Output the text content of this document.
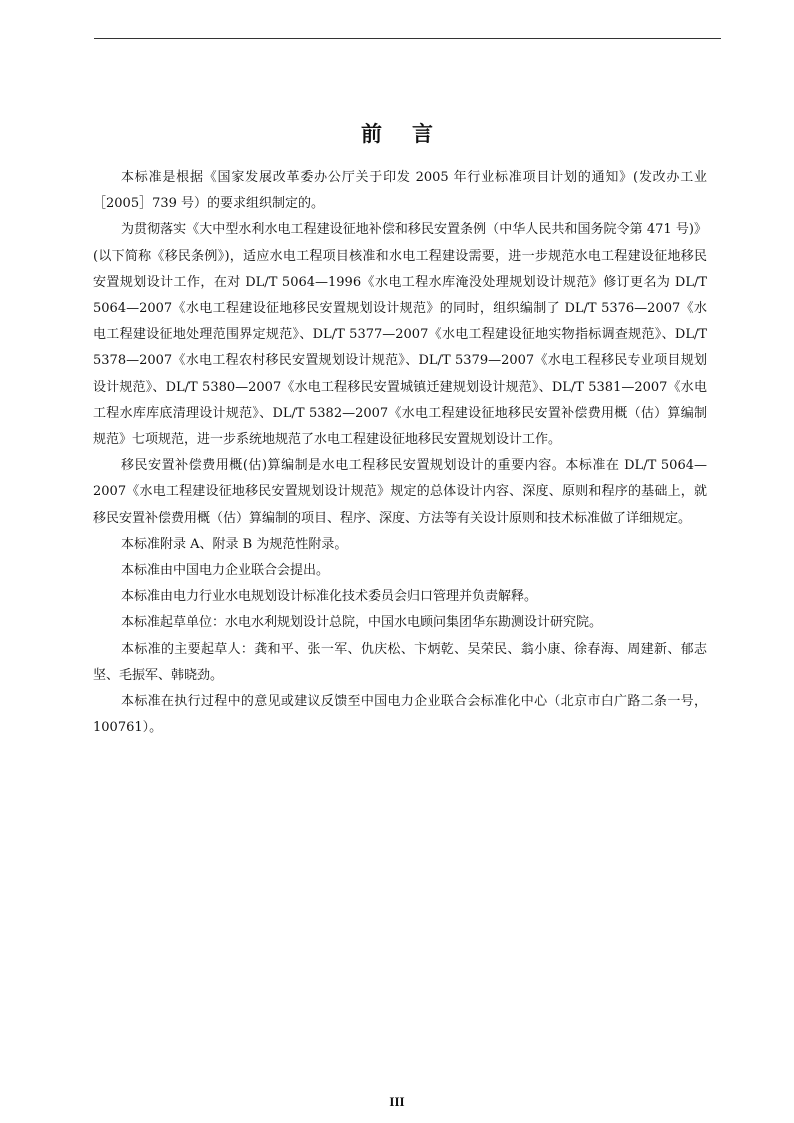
前言

本标准是根据《国家发展改革委办公厅关于印发 2005 年行业标准项目计划的通知》(发改办工业［2005］739 号）的要求组织制定的。

为贯彻落实《大中型水利水电工程建设征地补偿和移民安置条例（中华人民共和国务院令第 471 号)》(以下简称《移民条例》)，适应水电工程项目核准和水电工程建设需要，进一步规范水电工程建设征地移民安置规划设计工作，在对 DL/T 5064—1996《水电工程水库淹没处理规划设计规范》修订更名为 DL/T 5064—2007《水电工程建设征地移民安置规划设计规范》的同时，组织编制了 DL/T 5376—2007《水电工程建设征地处理范围界定规范》、DL/T 5377—2007《水电工程建设征地实物指标调查规范》、DL/T 5378—2007《水电工程农村移民安置规划设计规范》、DL/T 5379—2007《水电工程移民专业项目规划设计规范》、DL/T 5380—2007《水电工程移民安置城镇迁建规划设计规范》、DL/T 5381—2007《水电工程水库库底清理设计规范》、DL/T 5382—2007《水电工程建设征地移民安置补偿费用概（估）算编制规范》七项规范，进一步系统地规范了水电工程建设征地移民安置规划设计工作。

移民安置补偿费用概(估)算编制是水电工程移民安置规划设计的重要内容。本标准在 DL/T 5064—2007《水电工程建设征地移民安置规划设计规范》规定的总体设计内容、深度、原则和程序的基础上，就移民安置补偿费用概（估）算编制的项目、程序、深度、方法等有关设计原则和技术标准做了详细规定。

本标准附录 A、附录 B 为规范性附录。

本标准由中国电力企业联合会提出。

本标准由电力行业水电规划设计标准化技术委员会归口管理并负责解释。

本标准起草单位：水电水利规划设计总院，中国水电顾问集团华东勘测设计研究院。

本标准的主要起草人：龚和平、张一军、仇庆松、卞炳乾、吴荣民、翁小康、徐春海、周建新、郁志坚、毛振军、韩晓劲。

本标准在执行过程中的意见或建议反馈至中国电力企业联合会标准化中心（北京市白广路二条一号，100761）。

III
